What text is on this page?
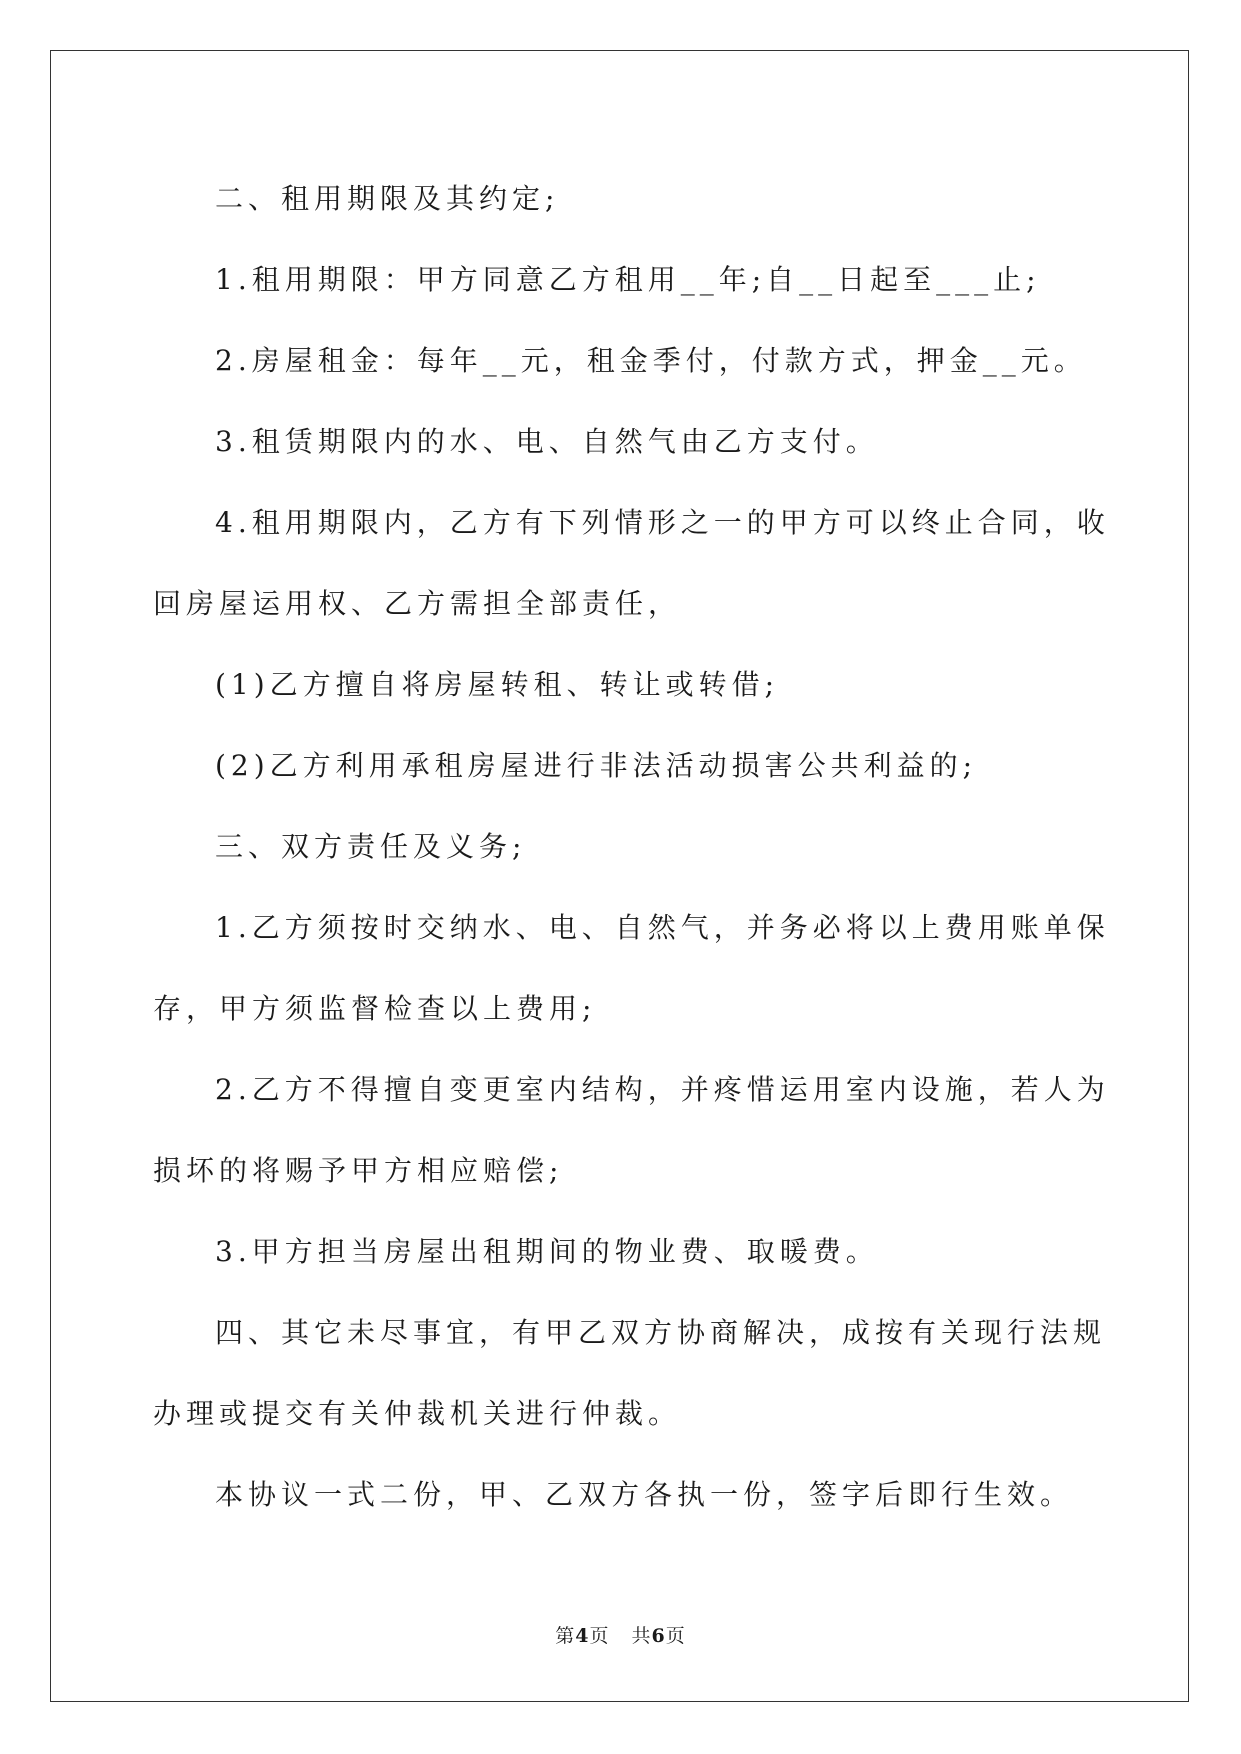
二、租用期限及其约定;

1.租用期限：甲方同意乙方租用__年;自__日起至___止;

2.房屋租金：每年__元，租金季付，付款方式，押金__元。

3.租赁期限内的水、电、自然气由乙方支付。

4.租用期限内，乙方有下列情形之一的甲方可以终止合同，收回房屋运用权、乙方需担全部责任，

(1)乙方擅自将房屋转租、转让或转借;

(2)乙方利用承租房屋进行非法活动损害公共利益的;

三、双方责任及义务;

1.乙方须按时交纳水、电、自然气，并务必将以上费用账单保存，甲方须监督检查以上费用;

2.乙方不得擅自变更室内结构，并疼惜运用室内设施，若人为损坏的将赐予甲方相应赔偿;

3.甲方担当房屋出租期间的物业费、取暖费。

四、其它未尽事宜，有甲乙双方协商解决，成按有关现行法规办理或提交有关仲裁机关进行仲裁。

本协议一式二份，甲、乙双方各执一份，签字后即行生效。

第4页 共6页
